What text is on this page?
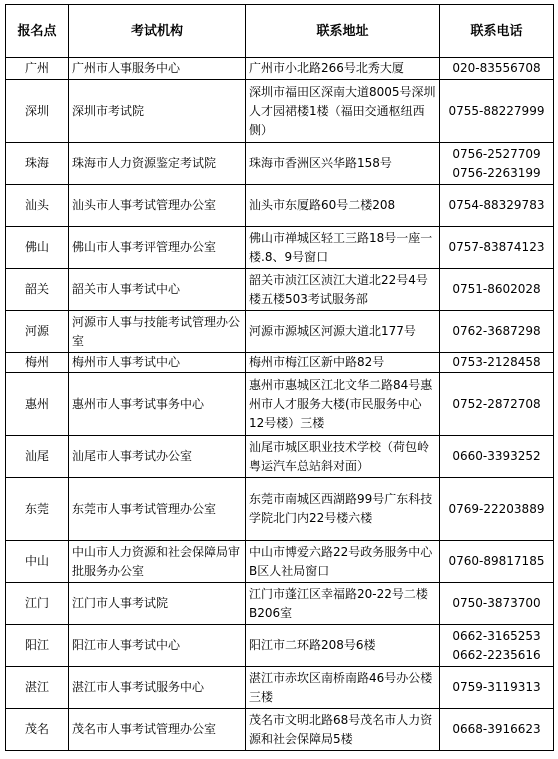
报名点	考试机构	联系地址	联系电话
广州	广州市人事服务中心	广州市小北路266号北秀大厦	020-83556708

深圳	深圳市考试院	深圳市福田区深南大道8005号深圳人才园裙楼1楼（福田交通枢纽西侧）	0755-88227999

珠海	珠海市人力资源鉴定考试院	珠海市香洲区兴华路158号	0756-2527709
0756-2263199

汕头	汕头市人事考试管理办公室	汕头市东厦路60号二楼208	0754-88329783

佛山	佛山市人事考评管理办公室	佛山市禅城区轻工三路18号一座一楼.8、9号窗口	0757-83874123

韶关	韶关市人事考试中心	韶关市浈江区浈江大道北22号4号楼五楼503考试服务部	0751-8602028

河源	河源市人事与技能考试管理办公室	河源市源城区河源大道北177号	0762-3687298

梅州	梅州市人事考试中心	梅州市梅江区新中路82号	0753-2128458

惠州	惠州市人事考试事务中心	惠州市惠城区江北文华二路84号惠州市人才服务大楼(市民服务中心12号楼）三楼	0752-2872708

汕尾	汕尾市人事考试办公室	汕尾市城区职业技术学校（荷包岭粤运汽车总站斜对面）	0660-3393252

东莞	东莞市人事考试管理办公室	东莞市南城区西湖路99号广东科技学院北门内22号楼六楼	0769-22203889

中山	中山市人力资源和社会保障局审批服务办公室	中山市博爱六路22号政务服务中心B区人社局窗口	0760-89817185

江门	江门市人事考试院	江门市蓬江区幸福路20-22号二楼B206室	0750-3873700

阳江	阳江市人事考试中心	阳江市二环路208号6楼	0662-3165253
0662-2235616

湛江	湛江市人事考试服务中心	湛江市赤坎区南桥南路46号办公楼三楼	0759-3119313

茂名	茂名市人事考试管理办公室	茂名市文明北路68号茂名市人力资源和社会保障局5楼	0668-3916623
